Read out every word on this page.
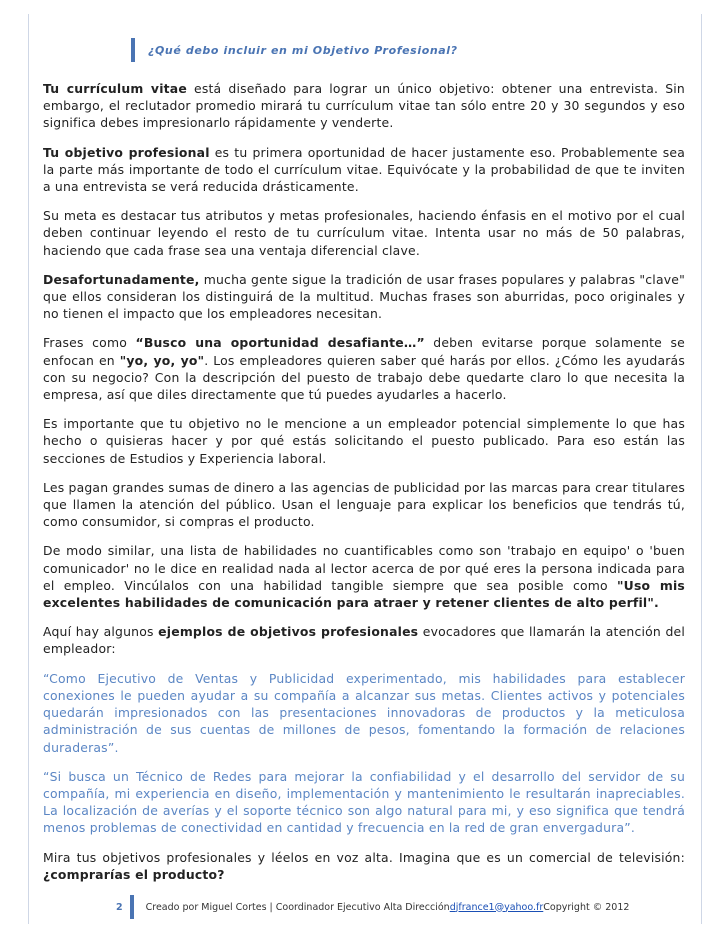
¿Qué debo incluir en mi Objetivo Profesional?

Tu currículum vitae está diseñado para lograr un único objetivo: obtener una entrevista. Sin embargo, el reclutador promedio mirará tu currículum vitae tan sólo entre 20 y 30 segundos y eso significa debes impresionarlo rápidamente y venderte.

Tu objetivo profesional es tu primera oportunidad de hacer justamente eso. Probablemente sea la parte más importante de todo el currículum vitae. Equivócate y la probabilidad de que te inviten a una entrevista se verá reducida drásticamente.

Su meta es destacar tus atributos y metas profesionales, haciendo énfasis en el motivo por el cual deben continuar leyendo el resto de tu currículum vitae. Intenta usar no más de 50 palabras, haciendo que cada frase sea una ventaja diferencial clave.

Desafortunadamente, mucha gente sigue la tradición de usar frases populares y palabras "clave" que ellos consideran los distinguirá de la multitud. Muchas frases son aburridas, poco originales y no tienen el impacto que los empleadores necesitan.

Frases como “Busco una oportunidad desafiante…” deben evitarse porque solamente se enfocan en "yo, yo, yo". Los empleadores quieren saber qué harás por ellos. ¿Cómo les ayudarás con su negocio? Con la descripción del puesto de trabajo debe quedarte claro lo que necesita la empresa, así que diles directamente que tú puedes ayudarles a hacerlo.

Es importante que tu objetivo no le mencione a un empleador potencial simplemente lo que has hecho o quisieras hacer y por qué estás solicitando el puesto publicado. Para eso están las secciones de Estudios y Experiencia laboral.

Les pagan grandes sumas de dinero a las agencias de publicidad por las marcas para crear titulares que llamen la atención del público. Usan el lenguaje para explicar los beneficios que tendrás tú, como consumidor, si compras el producto.

De modo similar, una lista de habilidades no cuantificables como son 'trabajo en equipo' o 'buen comunicador' no le dice en realidad nada al lector acerca de por qué eres la persona indicada para el empleo. Vincúlalos con una habilidad tangible siempre que sea posible como "Uso mis excelentes habilidades de comunicación para atraer y retener clientes de alto perfil".

Aquí hay algunos ejemplos de objetivos profesionales evocadores que llamarán la atención del empleador:

“Como Ejecutivo de Ventas y Publicidad experimentado, mis habilidades para establecer conexiones le pueden ayudar a su compañía a alcanzar sus metas. Clientes activos y potenciales quedarán impresionados con las presentaciones innovadoras de productos y la meticulosa administración de sus cuentas de millones de pesos, fomentando la formación de relaciones duraderas”.

“Si busca un Técnico de Redes para mejorar la confiabilidad y el desarrollo del servidor de su compañía, mi experiencia en diseño, implementación y mantenimiento le resultarán inapreciables. La localización de averías y el soporte técnico son algo natural para mi, y eso significa que tendrá menos problemas de conectividad en cantidad y frecuencia en la red de gran envergadura”.

Mira tus objetivos profesionales y léelos en voz alta. Imagina que es un comercial de televisión: ¿comprarías el producto?

2 Creado por Miguel Cortes | Coordinador Ejecutivo Alta Dirección djfrance1@yahoo.fr Copyright © 2012
